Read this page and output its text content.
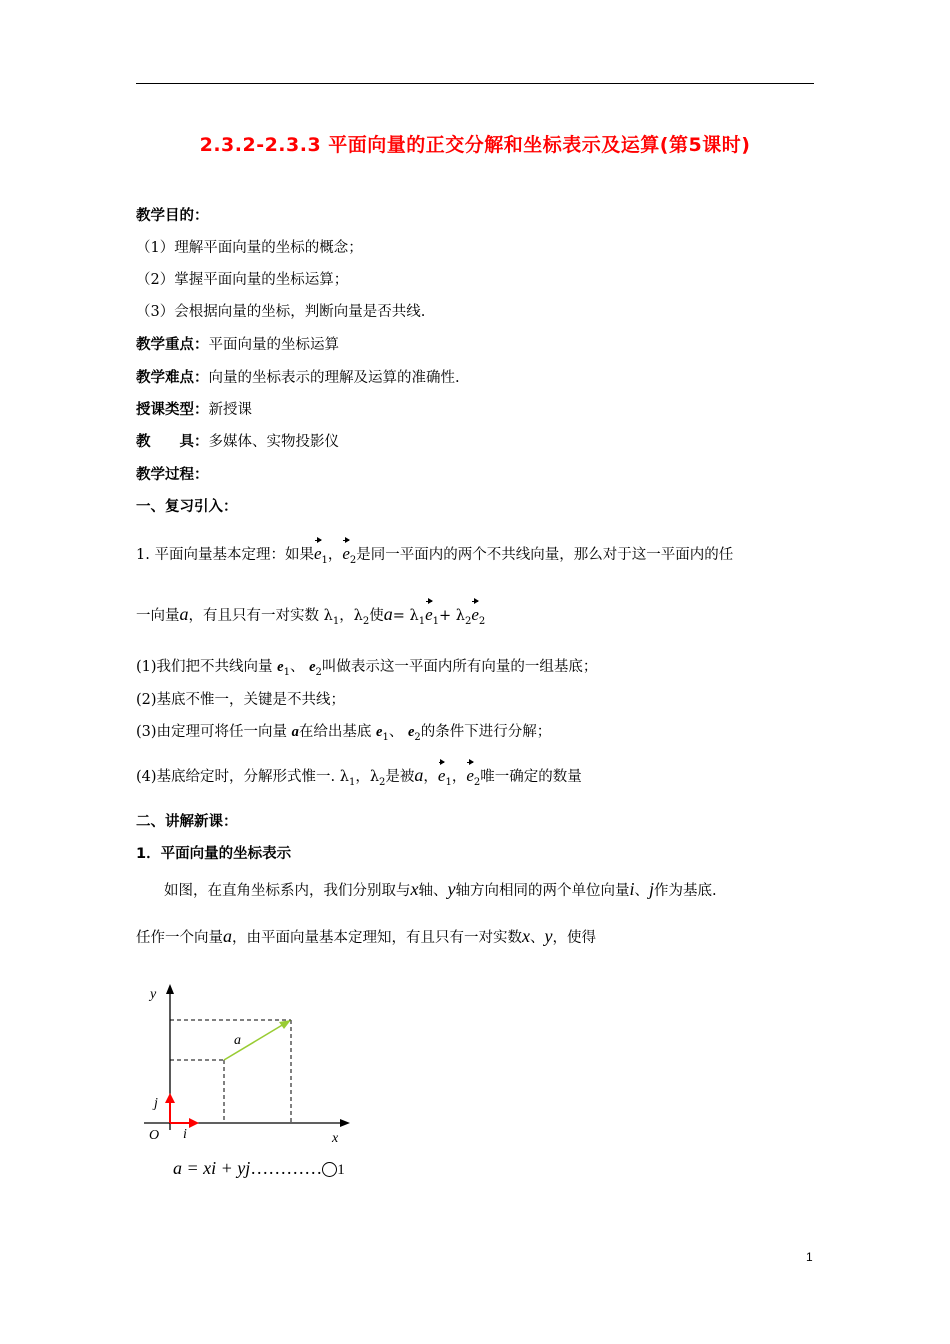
2.3.2-2.3.3 平面向量的正交分解和坐标表示及运算(第5课时)
教学目的：
（1）理解平面向量的坐标的概念；
（2）掌握平面向量的坐标运算；
（3）会根据向量的坐标，判断向量是否共线.
教学重点：平面向量的坐标运算
教学难点：向量的坐标表示的理解及运算的准确性.
授课类型：新授课
教　　具：多媒体、实物投影仪
教学过程：
一、复习引入：
1. 平面向量基本定理：如果$e_1$，$e_2$是同一平面内的两个不共线向量，那么对于这一平面内的任
一向量a，有且只有一对实数 $\lambda_1$，$\lambda_2$使$a= \lambda_1e_1+ \lambda_2e_2$
(1)我们把不共线向量 $e_1$、 $e_2$叫做表示这一平面内所有向量的一组基底；
(2)基底不惟一，关键是不共线；
(3)由定理可将任一向量 a在给出基底 $e_1$、 $e_2$的条件下进行分解；
(4)基底给定时，分解形式惟一. $\lambda_1$，$\lambda_2$是被a，$e_1$，$e_2$唯一确定的数量
二、讲解新课：
1．平面向量的坐标表示
如图，在直角坐标系内，我们分别取与x轴、y轴方向相同的两个单位向量i、j作为基底.
任作一个向量a，由平面向量基本定理知，有且只有一对实数x、y，使得
y
x
O i
j
a
a = xi + yj………… 1
1
